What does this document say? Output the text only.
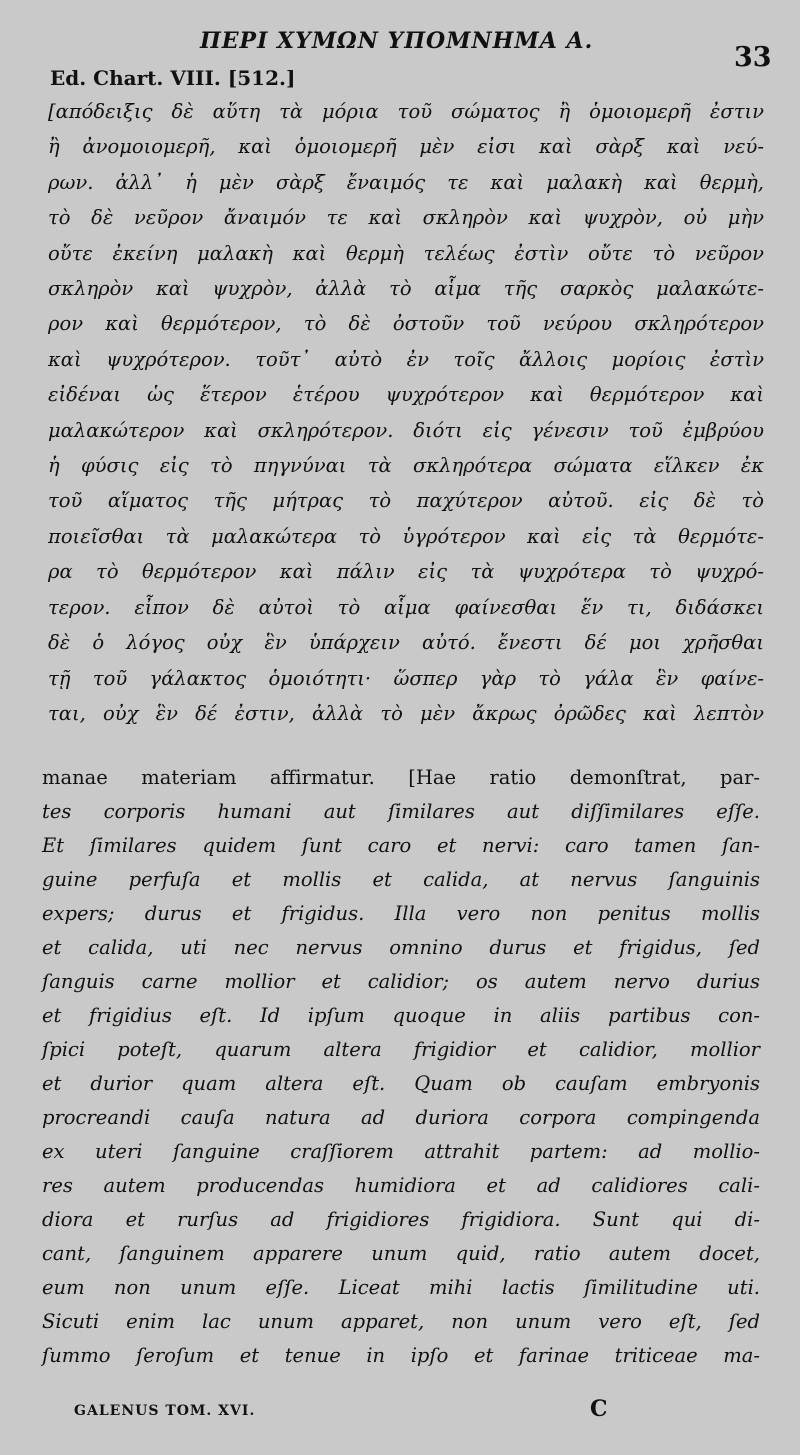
ΠΕΡΙ ΧΥΜΩΝ ΥΠΟΜΝΗΜΑ Α.
33
Ed. Chart. VIII. [512.]
[απόδειξις δὲ αὕτη τὰ μόρια τοῦ σώματος ἢ ὁμοιομερῆ ἐστιν
ἢ ἀνομοιομερῆ, καὶ ὁμοιομερῆ μὲν εἰσι καὶ σὰρξ καὶ νεύ-
ρων. ἀλλ᾿ ἡ μὲν σὰρξ ἔναιμός τε καὶ μαλακὴ καὶ θερμὴ,
τὸ δὲ νεῦρον ἄναιμόν τε καὶ σκληρὸν καὶ ψυχρὸν, οὐ μὴν
οὔτε ἐκείνη μαλακὴ καὶ θερμὴ τελέως ἐστὶν οὔτε τὸ νεῦρον
σκληρὸν καὶ ψυχρὸν, ἀλλὰ τὸ αἷμα τῆς σαρκὸς μαλακώτε-
ρον καὶ θερμότερον, τὸ δὲ ὀστοῦν τοῦ νεύρου σκληρότερον
καὶ ψυχρότερον. τοῦτ᾿ αὐτὸ ἐν τοῖς ἄλλοις μορίοις ἐστὶν
εἰδέναι ὡς ἕτερον ἑτέρου ψυχρότερον καὶ θερμότερον καὶ
μαλακώτερον καὶ σκληρότερον. διότι εἰς γένεσιν τοῦ ἐμβρύου
ἡ φύσις εἰς τὸ πηγνύναι τὰ σκληρότερα σώματα εἵλκεν ἐκ
τοῦ αἵματος τῆς μήτρας τὸ παχύτερον αὐτοῦ. εἰς δὲ τὸ
ποιεῖσθαι τὰ μαλακώτερα τὸ ὑγρότερον καὶ εἰς τὰ θερμότε-
ρα τὸ θερμότερον καὶ πάλιν εἰς τὰ ψυχρότερα τὸ ψυχρό-
τερον. εἶπον δὲ αὐτοὶ τὸ αἷμα φαίνεσθαι ἕν τι, διδάσκει
δὲ ὁ λόγος οὐχ ἓν ὑπάρχειν αὐτό. ἔνεστι δέ μοι χρῆσθαι
τῇ τοῦ γάλακτος ὁμοιότητι· ὥσπερ γὰρ τὸ γάλα ἓν φαίνε-
ται, οὐχ ἓν δέ ἐστιν, ἀλλὰ τὸ μὲν ἄκρως ὀρῶδες καὶ λεπτὸν
manae materiam affirmatur. [Hae ratio demonſtrat, par-
tes corporis humani aut ſimilares aut diſſimilares eſſe.
Et ſimilares quidem ſunt caro et nervi: caro tamen ſan-
guine perfuſa et mollis et calida, at nervus ſanguinis
expers; durus et frigidus. Illa vero non penitus mollis
et calida, uti nec nervus omnino durus et frigidus, ſed
ſanguis carne mollior et calidior; os autem nervo durius
et frigidius eſt. Id ipſum quoque in aliis partibus con-
ſpici poteſt, quarum altera frigidior et calidior, mollior
et durior quam altera eſt. Quam ob cauſam embryonis
procreandi cauſa natura ad duriora corpora compingenda
ex uteri ſanguine craſſiorem attrahit partem: ad mollio-
res autem producendas humidiora et ad calidiores cali-
diora et rurſus ad frigidiores frigidiora. Sunt qui di-
cant, ſanguinem apparere unum quid, ratio autem docet,
eum non unum eſſe. Liceat mihi lactis ſimilitudine uti.
Sicuti enim lac unum apparet, non unum vero eſt, ſed
ſummo ſeroſum et tenue in ipſo et farinae triticeae ma-
GALENUS TOM. XVI.	C
